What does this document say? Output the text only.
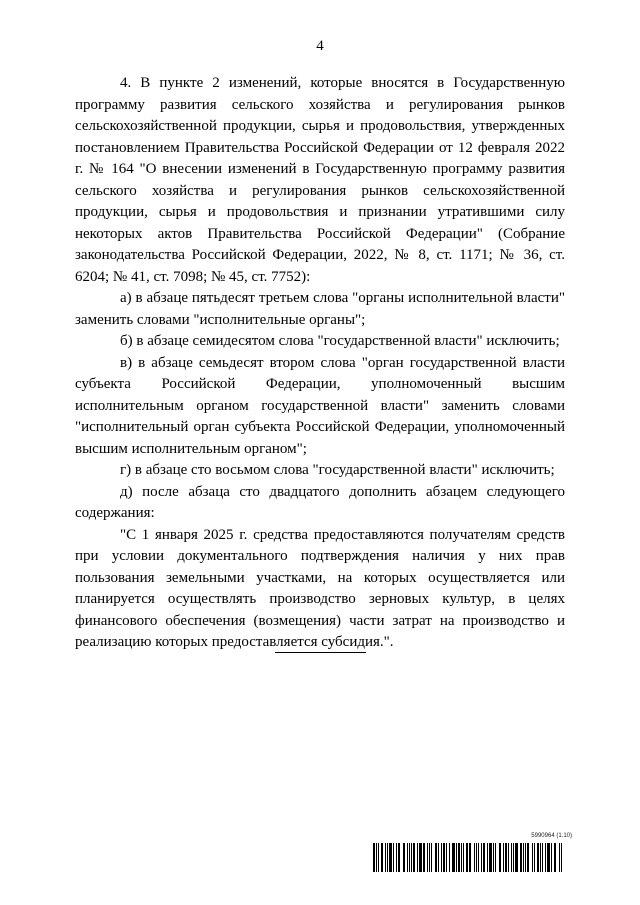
4

4. В пункте 2 изменений, которые вносятся в Государственную программу развития сельского хозяйства и регулирования рынков сельскохозяйственной продукции, сырья и продовольствия, утвержденных постановлением Правительства Российской Федерации от 12 февраля 2022 г. № 164 "О внесении изменений в Государственную программу развития сельского хозяйства и регулирования рынков сельскохозяйственной продукции, сырья и продовольствия и признании утратившими силу некоторых актов Правительства Российской Федерации" (Собрание законодательства Российской Федерации, 2022, № 8, ст. 1171; № 36, ст. 6204; № 41, ст. 7098; № 45, ст. 7752):

а) в абзаце пятьдесят третьем слова "органы исполнительной власти" заменить словами "исполнительные органы";

б) в абзаце семидесятом слова "государственной власти" исключить;

в) в абзаце семьдесят втором слова "орган государственной власти субъекта Российской Федерации, уполномоченный высшим исполнительным органом государственной власти" заменить словами "исполнительный орган субъекта Российской Федерации, уполномоченный высшим исполнительным органом";

г) в абзаце сто восьмом слова "государственной власти" исключить;

д) после абзаца сто двадцатого дополнить абзацем следующего содержания:

"С 1 января 2025 г. средства предоставляются получателям средств при условии документального подтверждения наличия у них прав пользования земельными участками, на которых осуществляется или планируется осуществлять производство зерновых культур, в целях финансового обеспечения (возмещения) части затрат на производство и реализацию которых предоставляется субсидия.".

5990964 (1.10)
